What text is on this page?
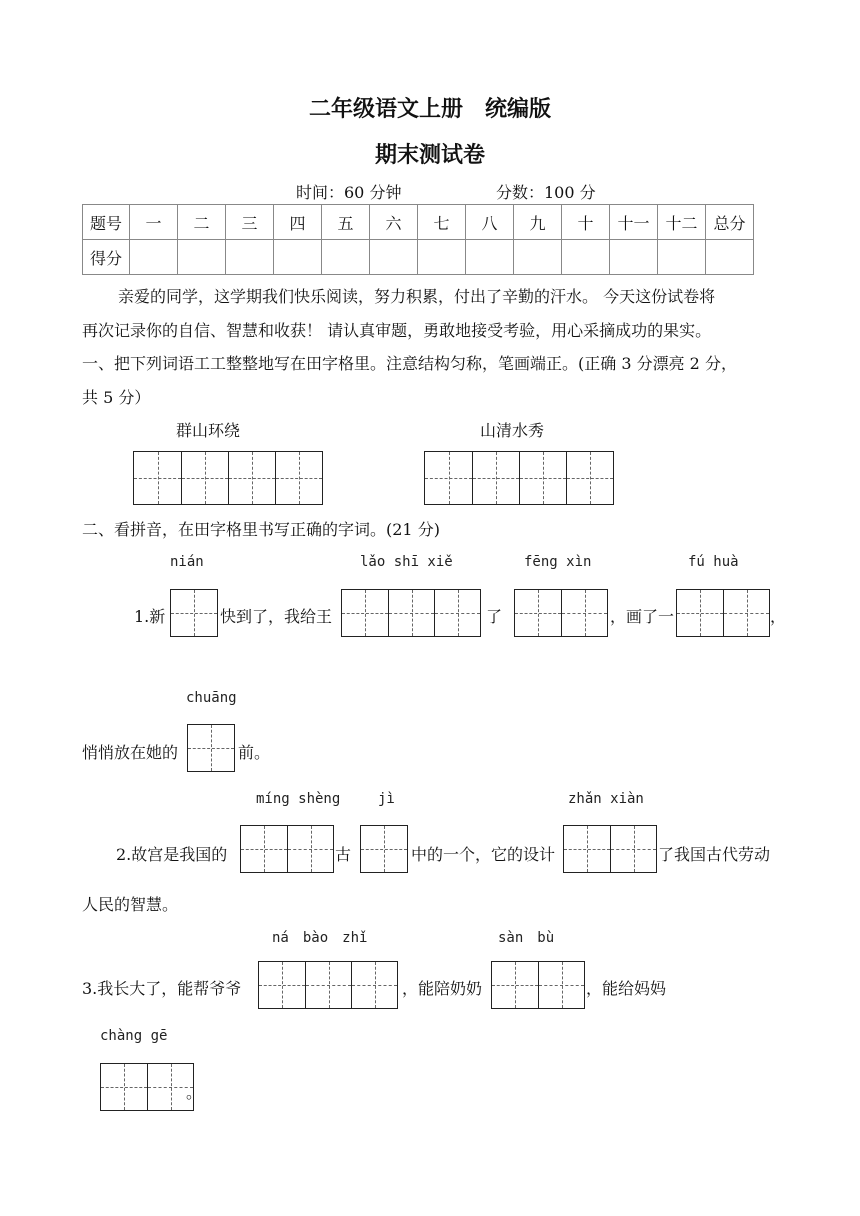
二年级语文上册　统编版
期末测试卷
时间：60 分钟	分数：100 分
题号	一	二	三	四	五	六	七	八	九	十	十一	十二	总分
得分													
亲爱的同学，这学期我们快乐阅读，努力积累，付出了辛勤的汗水。 今天这份试卷将
再次记录你的自信、智慧和收获！ 请认真审题，勇敢地接受考验，用心采摘成功的果实。
一、把下列词语工工整整地写在田字格里。注意结构匀称，笔画端正。(正确 3 分漂亮 2 分，
共 5 分）
群山环绕	山清水秀
二、看拼音，在田字格里书写正确的字词。(21 分)
nián	lǎo shī xiě	fēng xìn	fú huà
1.新	快到了，我给王	了	，画了一	，
chuāng
悄悄放在她的	前。
míng shèng	jì	zhǎn xiàn
2.故宫是我国的	古	中的一个，它的设计	了我国古代劳动
人民的智慧。
ná　bào　zhǐ	sàn　bù
3.我长大了，能帮爷爷	，能陪奶奶	，能给妈妈
chàng gē
。
